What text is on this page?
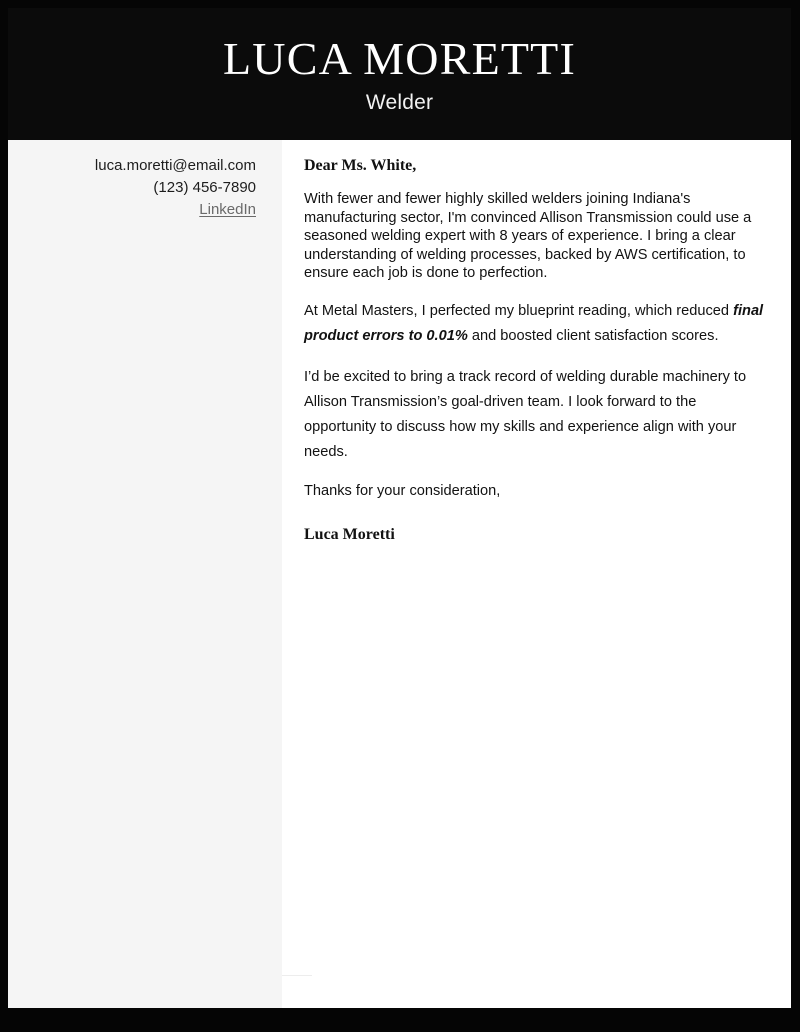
LUCA MORETTI
Welder

luca.moretti@email.com

(123) 456-7890

LinkedIn

Dear Ms. White,

With fewer and fewer highly skilled welders joining Indiana's manufacturing sector, I'm convinced Allison Transmission could use a seasoned welding expert with 8 years of experience. I bring a clear understanding of welding processes, backed by AWS certification, to ensure each job is done to perfection.

At Metal Masters, I perfected my blueprint reading, which reduced final product errors to 0.01% and boosted client satisfaction scores.

I’d be excited to bring a track record of welding durable machinery to Allison Transmission’s goal-driven team. I look forward to the opportunity to discuss how my skills and experience align with your needs.

Thanks for your consideration,

Luca Moretti
